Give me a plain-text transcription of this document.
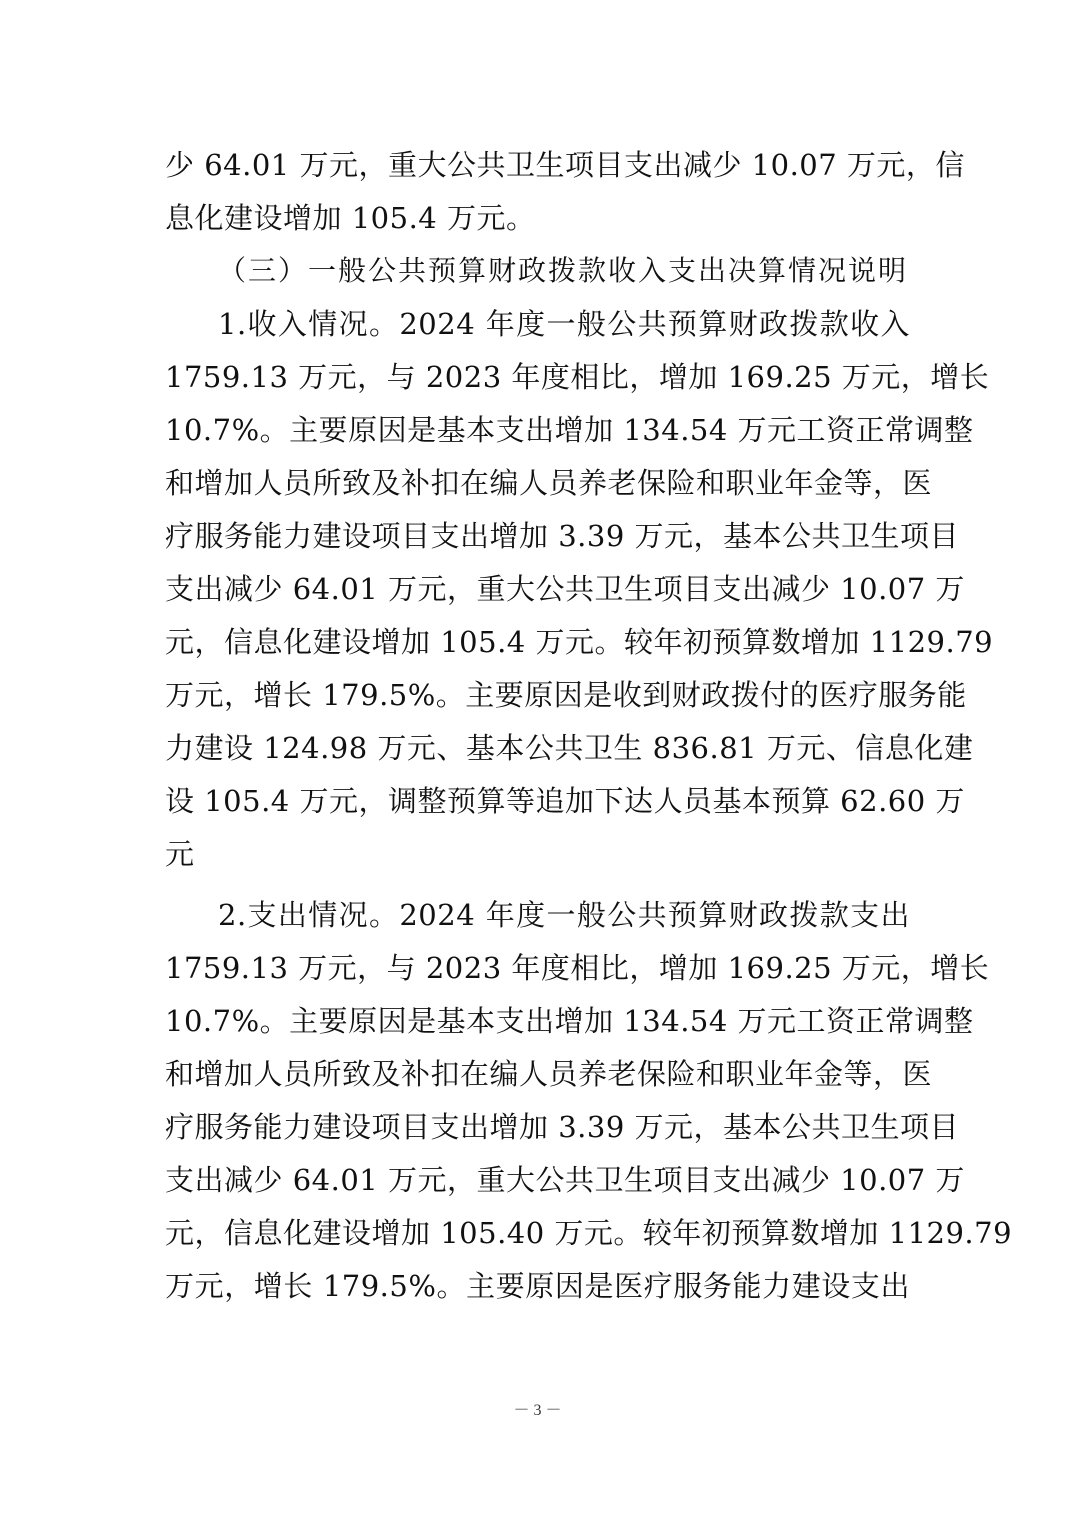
少 64.01 万元，重大公共卫生项目支出减少 10.07 万元，信
息化建设增加 105.4 万元。
（三）一般公共预算财政拨款收入支出决算情况说明
1.收入情况。2024 年度一般公共预算财政拨款收入
1759.13 万元，与 2023 年度相比，增加 169.25 万元，增长
10.7%。主要原因是基本支出增加 134.54 万元工资正常调整
和增加人员所致及补扣在编人员养老保险和职业年金等，医
疗服务能力建设项目支出增加 3.39 万元，基本公共卫生项目
支出减少 64.01 万元，重大公共卫生项目支出减少 10.07 万
元，信息化建设增加 105.4 万元。较年初预算数增加 1129.79
万元，增长 179.5%。主要原因是收到财政拨付的医疗服务能
力建设 124.98 万元、基本公共卫生 836.81 万元、信息化建
设 105.4 万元，调整预算等追加下达人员基本预算 62.60 万
元
2.支出情况。2024 年度一般公共预算财政拨款支出
1759.13 万元，与 2023 年度相比，增加 169.25 万元，增长
10.7%。主要原因是基本支出增加 134.54 万元工资正常调整
和增加人员所致及补扣在编人员养老保险和职业年金等，医
疗服务能力建设项目支出增加 3.39 万元，基本公共卫生项目
支出减少 64.01 万元，重大公共卫生项目支出减少 10.07 万
元，信息化建设增加 105.40 万元。较年初预算数增加 1129.79
万元，增长 179.5%。主要原因是医疗服务能力建设支出
－ 3 －
